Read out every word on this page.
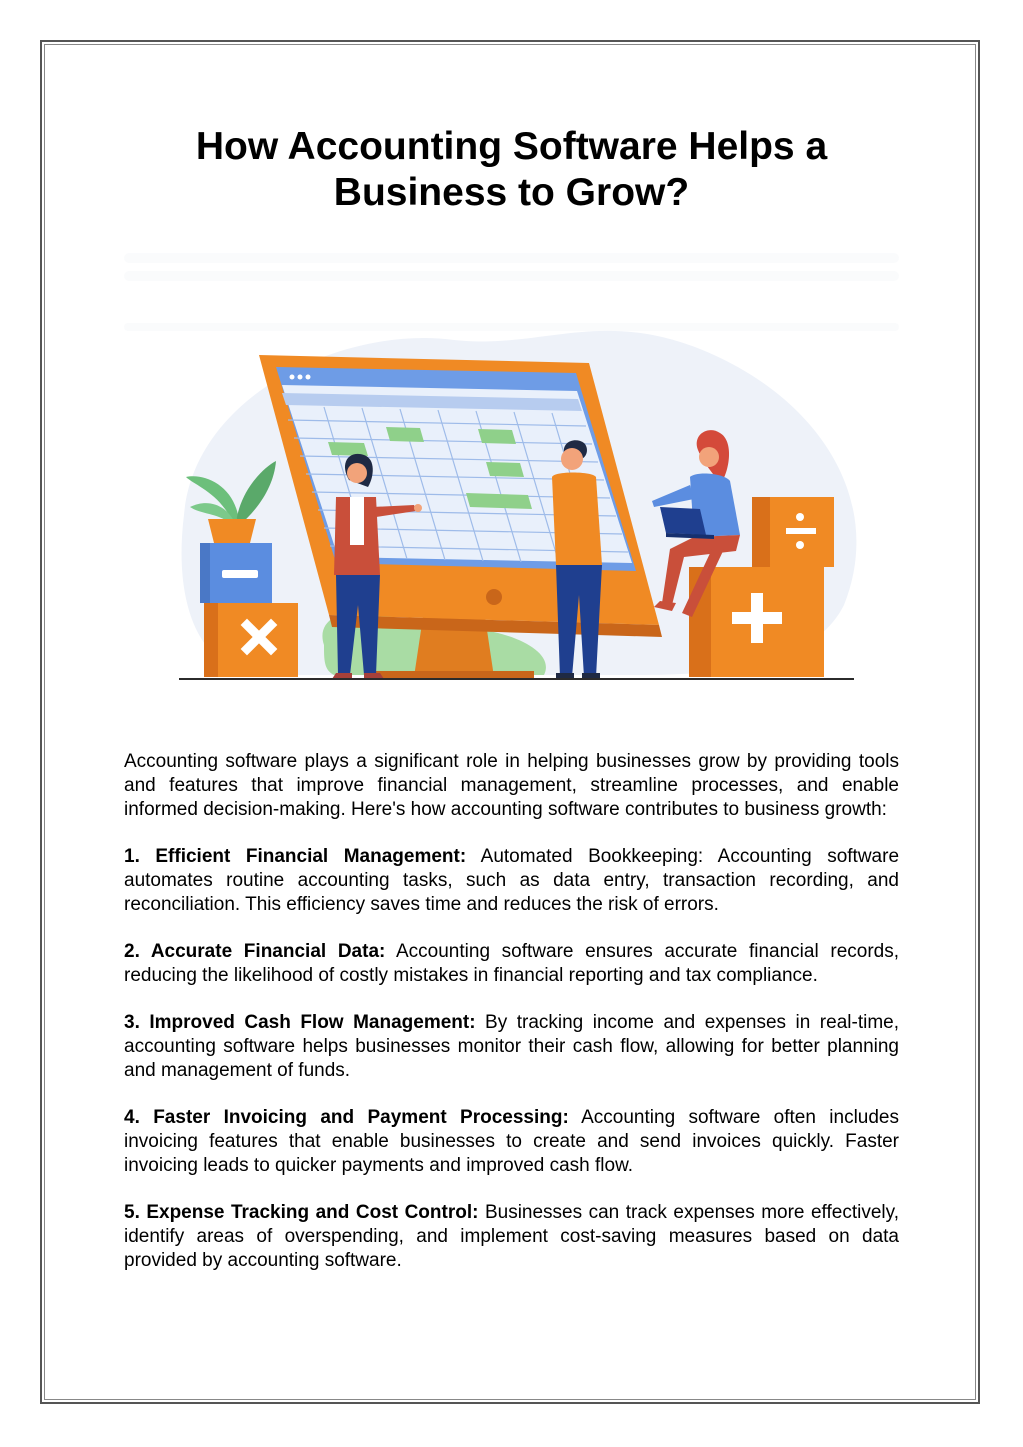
How Accounting Software Helps a Business to Grow?

Accounting software plays a significant role in helping businesses grow by providing tools and features that improve financial management, streamline processes, and enable informed decision-making. Here's how accounting software contributes to business growth:

1. Efficient Financial Management: Automated Bookkeeping: Accounting software automates routine accounting tasks, such as data entry, transaction recording, and reconciliation. This efficiency saves time and reduces the risk of errors.

2. Accurate Financial Data: Accounting software ensures accurate financial records, reducing the likelihood of costly mistakes in financial reporting and tax compliance.

3. Improved Cash Flow Management: By tracking income and expenses in real-time, accounting software helps businesses monitor their cash flow, allowing for better planning and management of funds.

4. Faster Invoicing and Payment Processing: Accounting software often includes invoicing features that enable businesses to create and send invoices quickly. Faster invoicing leads to quicker payments and improved cash flow.

5. Expense Tracking and Cost Control: Businesses can track expenses more effectively, identify areas of overspending, and implement cost-saving measures based on data provided by accounting software.
